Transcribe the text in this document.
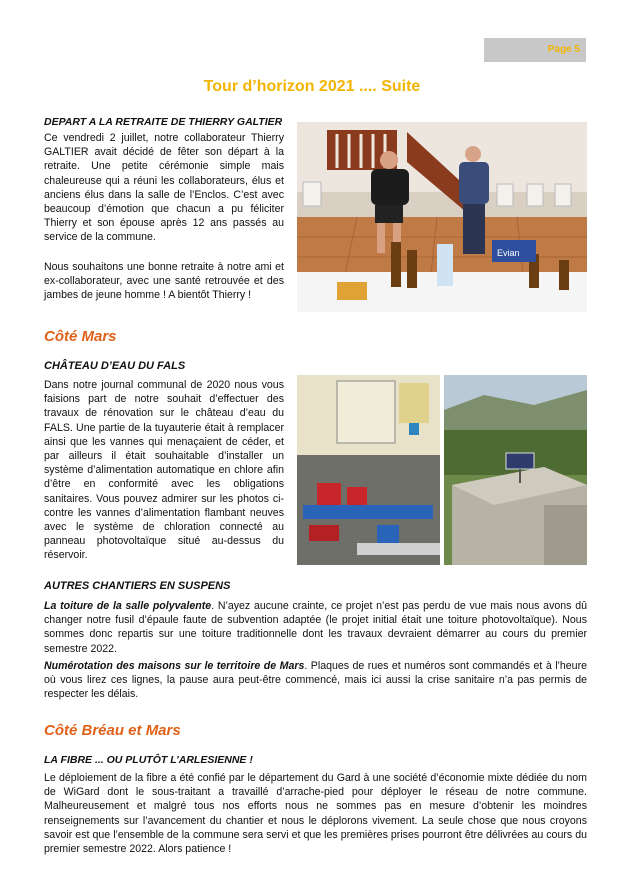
Page 5
Tour d’horizon 2021 .... Suite
DEPART A LA RETRAITE DE THIERRY GALTIER

Ce vendredi 2 juillet, notre collaborateur Thierry GALTIER avait décidé de fêter son départ à la retraite. Une petite cérémonie simple mais chaleureuse qui a réuni les collaborateurs, élus et anciens élus dans la salle de l’Enclos. C’est avec beaucoup d’émotion que chacun a pu féliciter Thierry et son épouse après 12 ans passés au service de la commune.

Nous souhaitons une bonne retraite à notre ami et ex-collaborateur, avec une santé retrouvée et des jambes de jeune homme ! A bientôt Thierry !

Evian
Côté Mars
CHÂTEAU D’EAU DU FALS

Dans notre journal communal de 2020 nous vous faisions part de notre souhait d’effectuer des travaux de rénovation sur le château d’eau du FALS. Une partie de la tuyauterie était à remplacer ainsi que les vannes qui menaçaient de céder, et par ailleurs il était souhaitable d’installer un système d’alimentation automatique en chlore afin d’être en conformité avec les obligations sanitaires. Vous pouvez admirer sur les photos ci-contre les vannes d’alimentation flambant neuves avec le système de chloration connecté au panneau photovoltaïque situé au-dessus du réservoir.

AUTRES CHANTIERS EN SUSPENS

La toiture de la salle polyvalente. N’ayez aucune crainte, ce projet n’est pas perdu de vue mais nous avons dû changer notre fusil d’épaule faute de subvention adaptée (le projet initial était une toiture photovoltaïque). Nous sommes donc repartis sur une toiture traditionnelle dont les travaux devraient démarrer au cours du premier semestre 2022.

Numérotation des maisons sur le territoire de Mars. Plaques de rues et numéros sont commandés et à l’heure où vous lirez ces lignes, la pause aura peut-être commencé, mais ici aussi la crise sanitaire n’a pas permis de respecter les délais.

Côté Bréau et Mars
LA FIBRE ... OU PLUTÔT L’ARLESIENNE !

Le déploiement de la fibre a été confié par le département du Gard à une société d’économie mixte dédiée du nom de WiGard dont le sous-traitant a travaillé d’arrache-pied pour déployer le réseau de notre commune. Malheureusement et malgré tous nos efforts nous ne sommes pas en mesure d’obtenir les moindres renseignements sur l’avancement du chantier et nous le déplorons vivement. La seule chose que nous croyons savoir est que l’ensemble de la commune sera servi et que les premières prises pourront être délivrées au cours du premier semestre 2022. Alors patience !
